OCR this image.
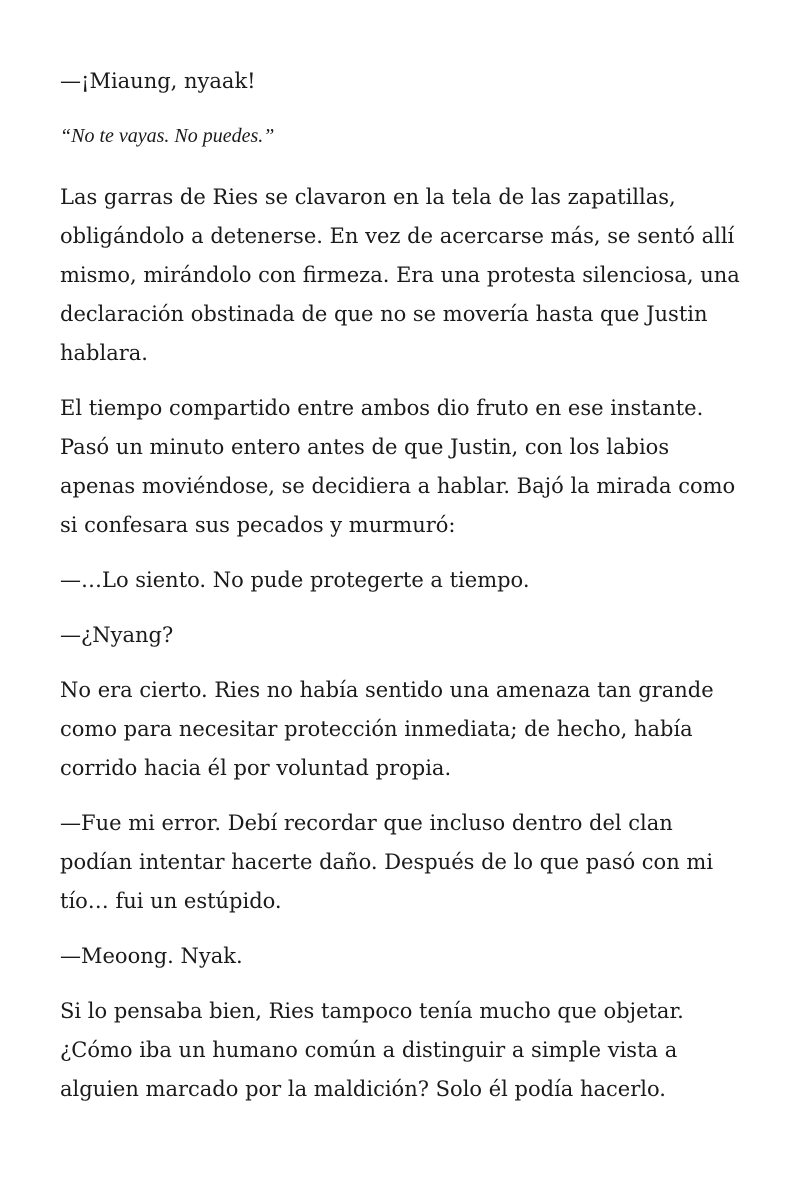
—¡Miaung, nyaak!

“No te vayas. No puedes.”

Las garras de Ries se clavaron en la tela de las zapatillas, obligándolo a detenerse. En vez de acercarse más, se sentó allí mismo, mirándolo con firmeza. Era una protesta silenciosa, una declaración obstinada de que no se movería hasta que Justin hablara.

El tiempo compartido entre ambos dio fruto en ese instante. Pasó un minuto entero antes de que Justin, con los labios apenas moviéndose, se decidiera a hablar. Bajó la mirada como si confesara sus pecados y murmuró:

—…Lo siento. No pude protegerte a tiempo.

—¿Nyang?

No era cierto. Ries no había sentido una amenaza tan grande como para necesitar protección inmediata; de hecho, había corrido hacia él por voluntad propia.

—Fue mi error. Debí recordar que incluso dentro del clan podían intentar hacerte daño. Después de lo que pasó con mi tío… fui un estúpido.

—Meoong. Nyak.

Si lo pensaba bien, Ries tampoco tenía mucho que objetar. ¿Cómo iba un humano común a distinguir a simple vista a alguien marcado por la maldición? Solo él podía hacerlo.
